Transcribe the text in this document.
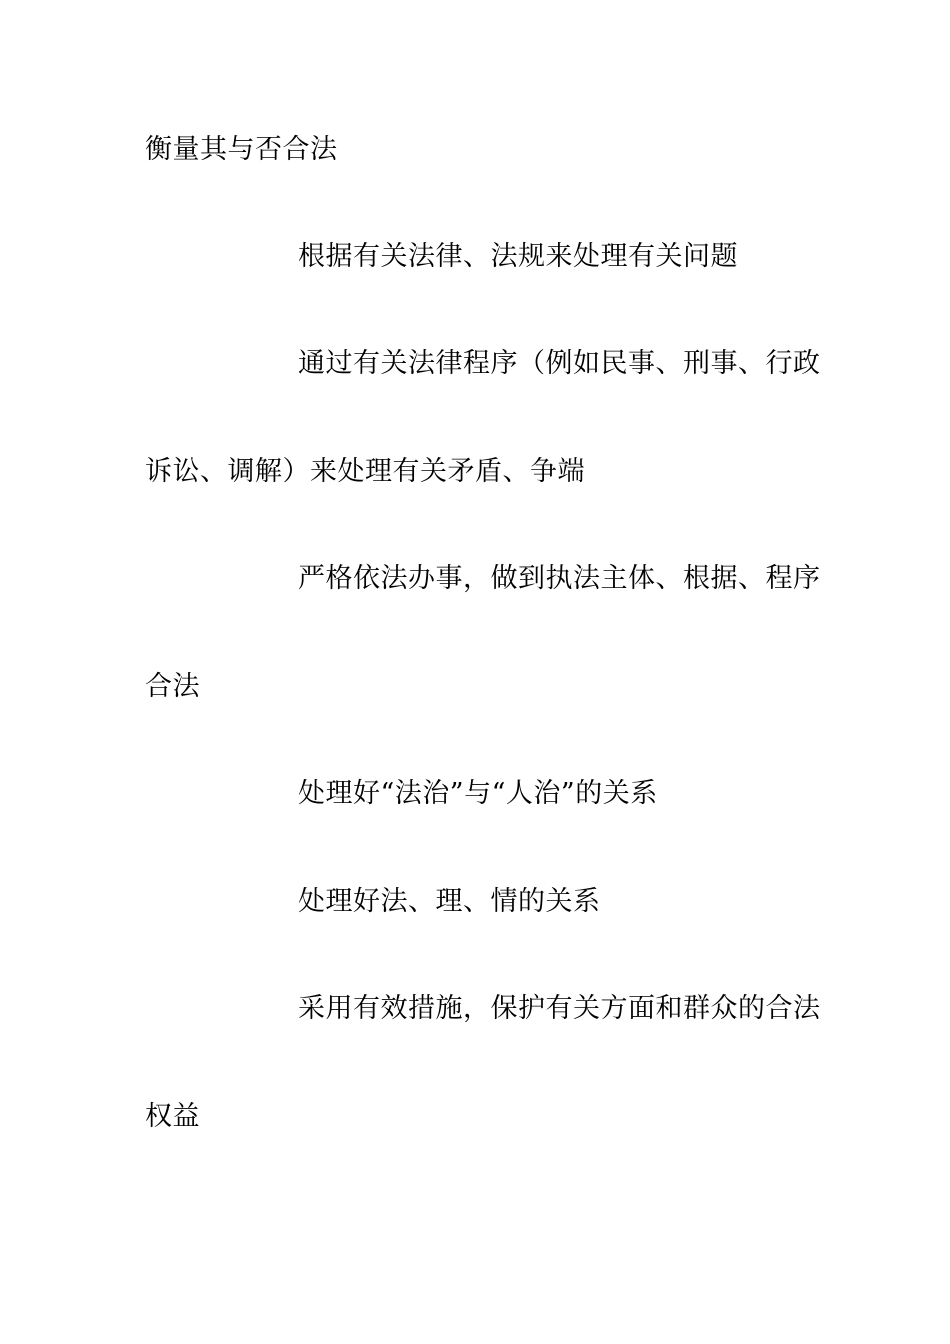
衡量其与否合法
根据有关法律、法规来处理有关问题
通过有关法律程序（例如民事、刑事、行政
诉讼、调解）来处理有关矛盾、争端
严格依法办事，做到执法主体、根据、程序
合法
处理好“法治”与“人治”的关系
处理好法、理、情的关系
采用有效措施，保护有关方面和群众的合法
权益
